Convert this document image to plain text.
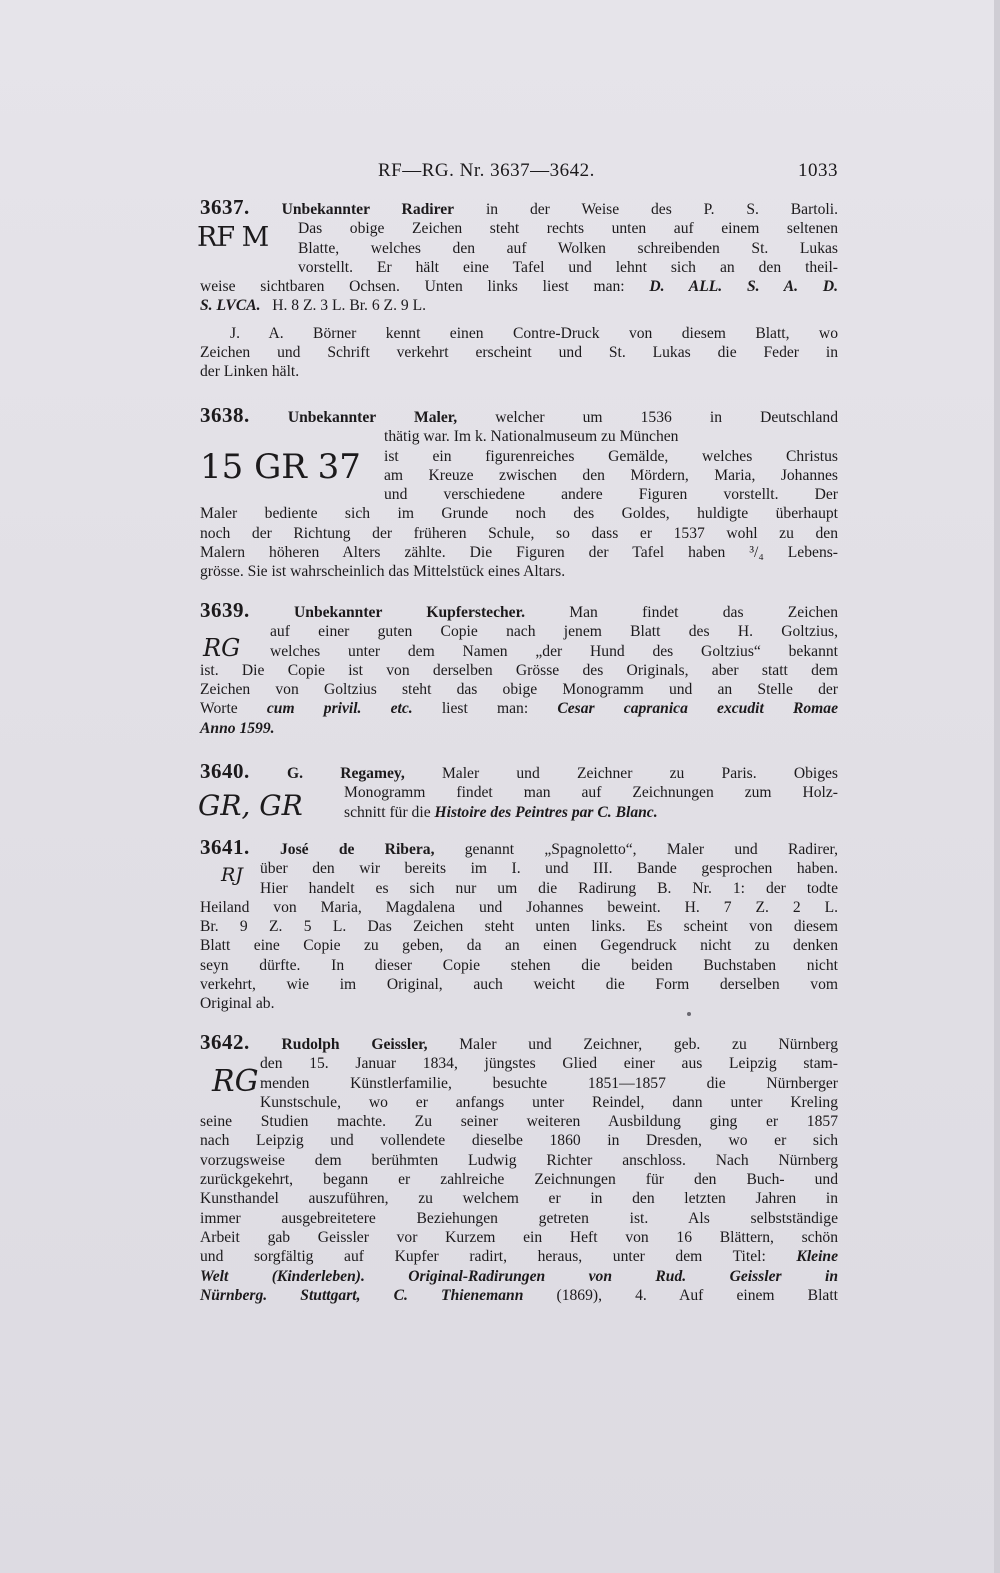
RF—RG. Nr. 3637—3642.	1033
RF M
3637. Unbekannter Radirer in der Weise des P. S. Bartoli.
Das obige Zeichen steht rechts unten auf einem seltenen
Blatte, welches den auf Wolken schreibenden St. Lukas
vorstellt. Er hält eine Tafel und lehnt sich an den theil-
weise sichtbaren Ochsen. Unten links liest man: D. ALL. S. A. D.
S. LVCA. H. 8 Z. 3 L. Br. 6 Z. 9 L.
J. A. Börner kennt einen Contre-Druck von diesem Blatt, wo
Zeichen und Schrift verkehrt erscheint und St. Lukas die Feder in
der Linken hält.
15 GR 37
3638. Unbekannter Maler, welcher um 1536 in Deutschland
thätig war. Im k. Nationalmuseum zu München
ist ein figurenreiches Gemälde, welches Christus
am Kreuze zwischen den Mördern, Maria, Johannes
und verschiedene andere Figuren vorstellt. Der
Maler bediente sich im Grunde noch des Goldes, huldigte überhaupt
noch der Richtung der früheren Schule, so dass er 1537 wohl zu den
Malern höheren Alters zählte. Die Figuren der Tafel haben ³/₄ Lebens-
grösse. Sie ist wahrscheinlich das Mittelstück eines Altars.
RG
3639.	Unbekannter Kupferstecher. Man findet das Zeichen
auf einer guten Copie nach jenem Blatt des H. Goltzius,
welches unter dem Namen „der Hund des Goltzius“ bekannt
ist. Die Copie ist von derselben Grösse des Originals, aber statt dem
Zeichen von Goltzius steht das obige Monogramm und an Stelle der
Worte cum privil. etc. liest man: Cesar capranica excudit Romae
Anno 1599.
GR, GR
3640. G. Regamey, Maler und Zeichner zu Paris. Obiges
Monogramm findet man auf Zeichnungen zum Holz-
schnitt für die Histoire des Peintres par C. Blanc.
RJ
3641. José de Ribera, genannt „Spagnoletto“, Maler und Radirer,
über den wir bereits im I. und III. Bande gesprochen haben.
Hier handelt es sich nur um die Radirung B. Nr. 1: der todte
Heiland von Maria, Magdalena und Johannes beweint. H. 7 Z. 2 L.
Br. 9 Z. 5 L. Das Zeichen steht unten links. Es scheint von diesem
Blatt eine Copie zu geben, da an einen Gegendruck nicht zu denken
seyn dürfte. In dieser Copie stehen die beiden Buchstaben nicht
verkehrt, wie im Original, auch weicht die Form derselben vom
Original ab.
RG
3642. Rudolph Geissler, Maler und Zeichner, geb. zu Nürnberg
den 15. Januar 1834, jüngstes Glied einer aus Leipzig stam-
menden Künstlerfamilie, besuchte 1851—1857 die Nürnberger
Kunstschule, wo er anfangs unter Reindel, dann unter Kreling
seine Studien machte. Zu seiner weiteren Ausbildung ging er 1857
nach Leipzig und vollendete dieselbe 1860 in Dresden, wo er sich
vorzugsweise dem berühmten Ludwig Richter anschloss. Nach Nürnberg
zurückgekehrt, begann er zahlreiche Zeichnungen für den Buch- und
Kunsthandel auszuführen, zu welchem er in den letzten Jahren in
immer ausgebreitetere Beziehungen getreten ist. Als selbstständige
Arbeit gab Geissler vor Kurzem ein Heft von 16 Blättern, schön
und sorgfältig auf Kupfer radirt, heraus, unter dem Titel: Kleine
Welt	(Kinderleben).	Original-Radirungen von Rud. Geissler in
Nürnberg. Stuttgart, C. Thienemann (1869), 4. Auf einem Blatt
